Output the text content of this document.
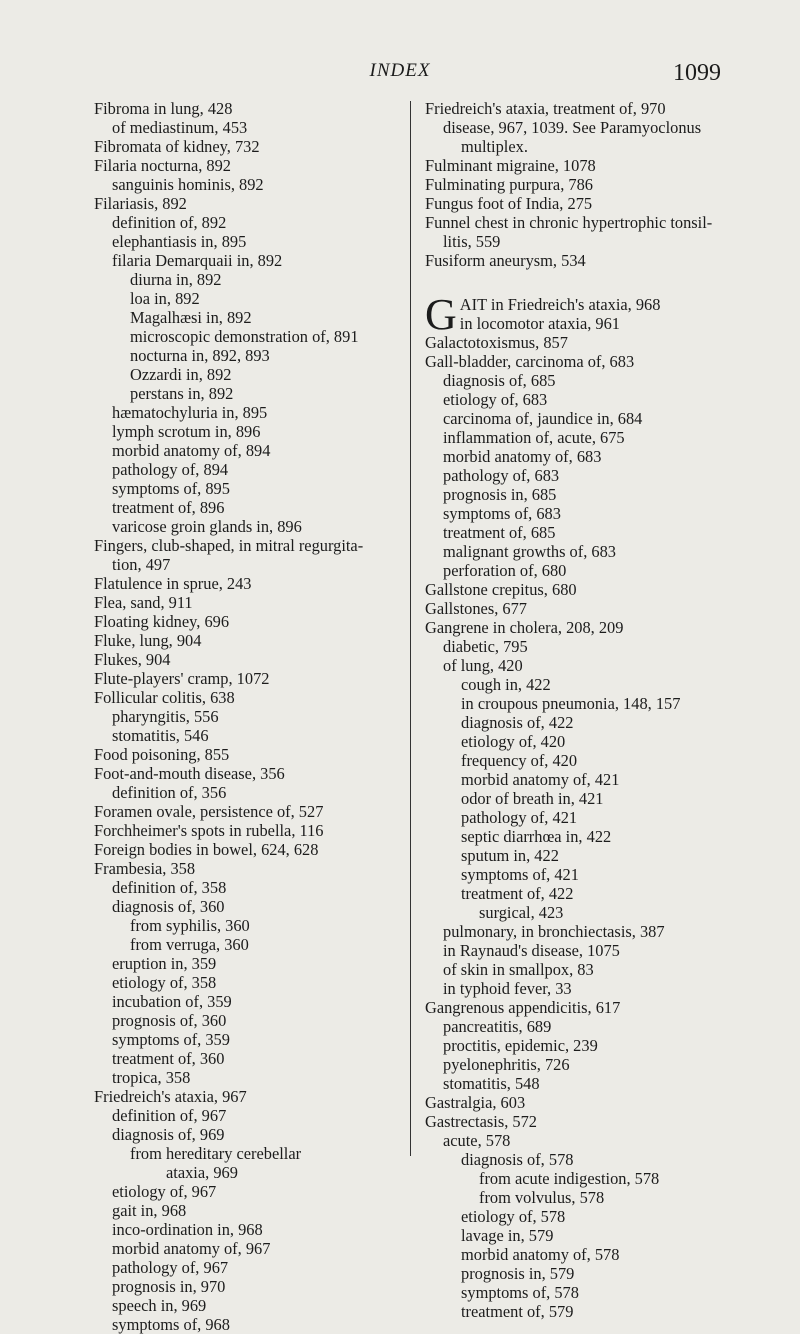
INDEX	1099
Fibroma in lung, 428
of mediastinum, 453
Fibromata of kidney, 732
Filaria nocturna, 892
sanguinis hominis, 892
Filariasis, 892
definition of, 892
elephantiasis in, 895
filaria Demarquaii in, 892
diurna in, 892
loa in, 892
Magalhæsi in, 892
microscopic demonstration of, 891
nocturna in, 892, 893
Ozzardi in, 892
perstans in, 892
hæmatochyluria in, 895
lymph scrotum in, 896
morbid anatomy of, 894
pathology of, 894
symptoms of, 895
treatment of, 896
varicose groin glands in, 896
Fingers, club-shaped, in mitral regurgita-
tion, 497
Flatulence in sprue, 243
Flea, sand, 911
Floating kidney, 696
Fluke, lung, 904
Flukes, 904
Flute-players' cramp, 1072
Follicular colitis, 638
pharyngitis, 556
stomatitis, 546
Food poisoning, 855
Foot-and-mouth disease, 356
definition of, 356
Foramen ovale, persistence of, 527
Forchheimer's spots in rubella, 116
Foreign bodies in bowel, 624, 628
Frambesia, 358
definition of, 358
diagnosis of, 360
from syphilis, 360
from verruga, 360
eruption in, 359
etiology of, 358
incubation of, 359
prognosis of, 360
symptoms of, 359
treatment of, 360
tropica, 358
Friedreich's ataxia, 967
definition of, 967
diagnosis of, 969
from hereditary cerebellar
ataxia, 969
etiology of, 967
gait in, 968
inco-ordination in, 968
morbid anatomy of, 967
pathology of, 967
prognosis in, 970
speech in, 969
symptoms of, 968
Friedreich's ataxia, treatment of, 970
disease, 967, 1039. See Paramyoclonus
multiplex.
Fulminant migraine, 1078
Fulminating purpura, 786
Fungus foot of India, 275
Funnel chest in chronic hypertrophic tonsil-
litis, 559
Fusiform aneurysm, 534
G AIT in Friedreich's ataxia, 968
in locomotor ataxia, 961
Galactotoxismus, 857
Gall-bladder, carcinoma of, 683
diagnosis of, 685
etiology of, 683
carcinoma of, jaundice in, 684
inflammation of, acute, 675
morbid anatomy of, 683
pathology of, 683
prognosis in, 685
symptoms of, 683
treatment of, 685
malignant growths of, 683
perforation of, 680
Gallstone crepitus, 680
Gallstones, 677
Gangrene in cholera, 208, 209
diabetic, 795
of lung, 420
cough in, 422
in croupous pneumonia, 148, 157
diagnosis of, 422
etiology of, 420
frequency of, 420
morbid anatomy of, 421
odor of breath in, 421
pathology of, 421
septic diarrhœa in, 422
sputum in, 422
symptoms of, 421
treatment of, 422
surgical, 423
pulmonary, in bronchiectasis, 387
in Raynaud's disease, 1075
of skin in smallpox, 83
in typhoid fever, 33
Gangrenous appendicitis, 617
pancreatitis, 689
proctitis, epidemic, 239
pyelonephritis, 726
stomatitis, 548
Gastralgia, 603
Gastrectasis, 572
acute, 578
diagnosis of, 578
from acute indigestion, 578
from volvulus, 578
etiology of, 578
lavage in, 579
morbid anatomy of, 578
prognosis in, 579
symptoms of, 578
treatment of, 579
